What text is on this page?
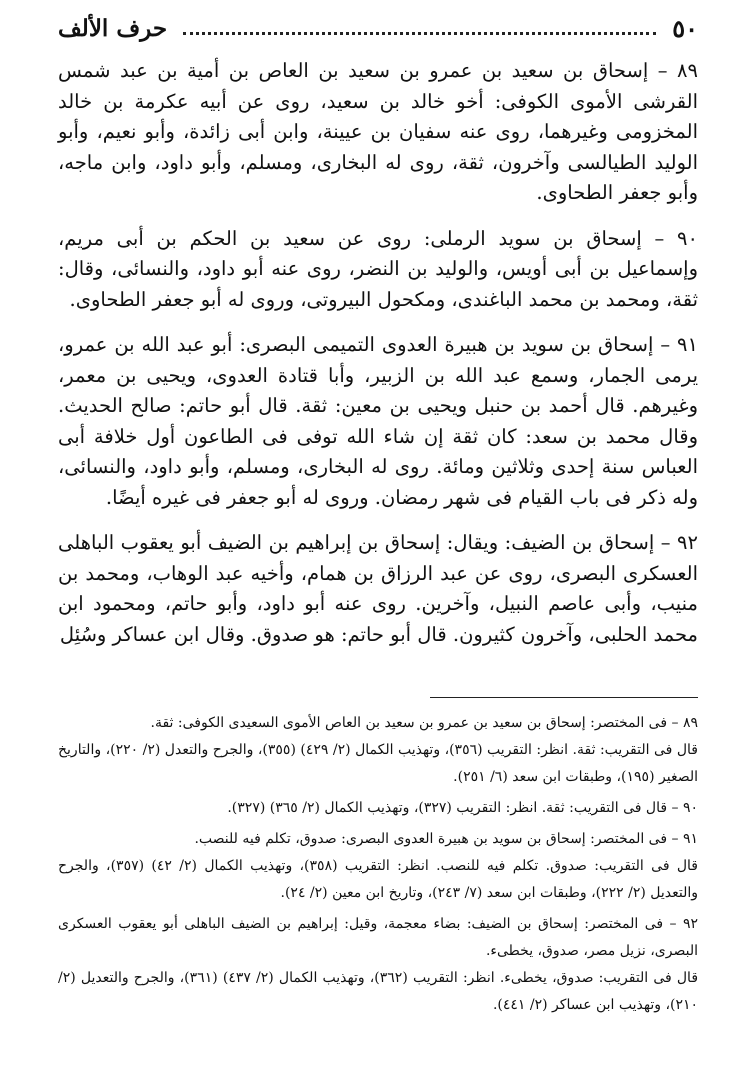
٥٠
حرف الألف

٨٩ – إسحاق بن سعيد بن عمرو بن سعيد بن العاص بن أمية بن عبد شمس القرشى الأموى الكوفى: أخو خالد بن سعيد، روى عن أبيه عكرمة بن خالد المخزومى وغيرهما، روى عنه سفيان بن عيينة، وابن أبى زائدة، وأبو نعيم، وأبو الوليد الطيالسى وآخرون، ثقة، روى له البخارى، ومسلم، وأبو داود، وابن ماجه، وأبو جعفر الطحاوى.

٩٠ – إسحاق بن سويد الرملى: روى عن سعيد بن الحكم بن أبى مريم، وإسماعيل بن أبى أويس، والوليد بن النضر، روى عنه أبو داود، والنسائى، وقال: ثقة، ومحمد بن محمد الباغندى، ومكحول البيروتى، وروى له أبو جعفر الطحاوى.

٩١ – إسحاق بن سويد بن هبيرة العدوى التميمى البصرى: أبو عبد الله بن عمرو، يرمى الجمار، وسمع عبد الله بن الزبير، وأبا قتادة العدوى، ويحيى بن معمر، وغيرهم. قال أحمد بن حنبل ويحيى بن معين: ثقة. قال أبو حاتم: صالح الحديث. وقال محمد بن سعد: كان ثقة إن شاء الله توفى فى الطاعون أول خلافة أبى العباس سنة إحدى وثلاثين ومائة. روى له البخارى، ومسلم، وأبو داود، والنسائى، وله ذكر فى باب القيام فى شهر رمضان. وروى له أبو جعفر فى غيره أيضًا.

٩٢ – إسحاق بن الضيف: ويقال: إسحاق بن إبراهيم بن الضيف أبو يعقوب الباهلى العسكرى البصرى، روى عن عبد الرزاق بن همام، وأخيه عبد الوهاب، ومحمد بن منيب، وأبى عاصم النبيل، وآخرين. روى عنه أبو داود، وأبو حاتم، ومحمود ابن محمد الحلبى، وآخرون كثيرون. قال أبو حاتم: هو صدوق. وقال ابن عساكر وسُئِل

٨٩ – فى المختصر: إسحاق بن سعيد بن عمرو بن سعيد بن العاص الأموى السعيدى الكوفى: ثقة.

قال فى التقريب: ثقة. انظر: التقريب (٣٥٦)، وتهذيب الكمال (٢/ ٤٢٩) (٣٥٥)، والجرح والتعدل (٢/ ٢٢٠)، والتاريخ الصغير (١٩٥)، وطبقات ابن سعد (٦/ ٢٥١).

٩٠ – قال فى التقريب: ثقة. انظر: التقريب (٣٢٧)، وتهذيب الكمال (٢/ ٣٦٥) (٣٢٧).

٩١ – فى المختصر: إسحاق بن سويد بن هبيرة العدوى البصرى: صدوق، تكلم فيه للنصب.

قال فى التقريب: صدوق. تكلم فيه للنصب. انظر: التقريب (٣٥٨)، وتهذيب الكمال (٢/ ٤٢) (٣٥٧)، والجرح والتعديل (٢/ ٢٢٢)، وطبقات ابن سعد (٧/ ٢٤٣)، وتاريخ ابن معين (٢/ ٢٤).

٩٢ – فى المختصر: إسحاق بن الضيف: بضاء معجمة، وقيل: إبراهيم بن الضيف الباهلى أبو يعقوب العسكرى البصرى، نزيل مصر، صدوق، يخطىء.

قال فى التقريب: صدوق، يخطىء. انظر: التقريب (٣٦٢)، وتهذيب الكمال (٢/ ٤٣٧) (٣٦١)، والجرح والتعديل (٢/ ٢١٠)، وتهذيب ابن عساكر (٢/ ٤٤١).
